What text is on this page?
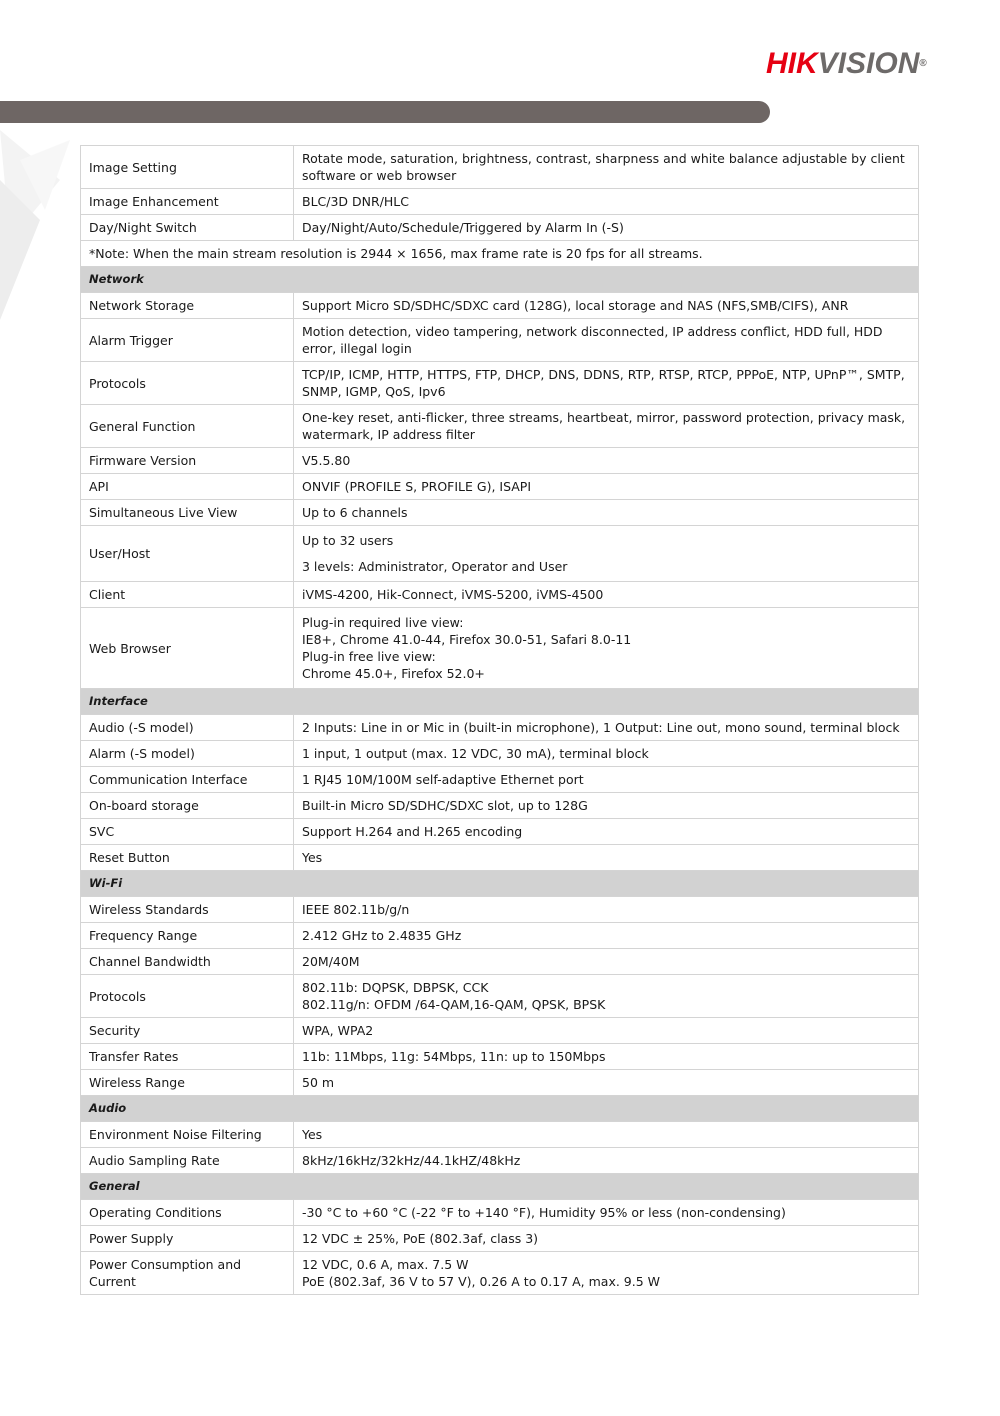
HIKVISION®
Image Setting	Rotate mode, saturation, brightness, contrast, sharpness and white balance adjustable by client software or web browser

Image Enhancement	BLC/3D DNR/HLC

Day/Night Switch	Day/Night/Auto/Schedule/Triggered by Alarm In (-S)

*Note: When the main stream resolution is 2944 × 1656, max frame rate is 20 fps for all streams.	
Network	
Network Storage	Support Micro SD/SDHC/SDXC card (128G), local storage and NAS (NFS,SMB/CIFS), ANR

Alarm Trigger	Motion detection, video tampering, network disconnected, IP address conflict, HDD full, HDD error, illegal login

Protocols	TCP/IP, ICMP, HTTP, HTTPS, FTP, DHCP, DNS, DDNS, RTP, RTSP, RTCP, PPPoE, NTP, UPnP™, SMTP, SNMP, IGMP, QoS, Ipv6

General Function	One-key reset, anti-flicker, three streams, heartbeat, mirror, password protection, privacy mask, watermark, IP address filter

Firmware Version	V5.5.80

API	ONVIF (PROFILE S, PROFILE G), ISAPI

Simultaneous Live View	Up to 6 channels

User/Host	Up to 32 users
3 levels: Administrator, Operator and User

Client	iVMS-4200, Hik-Connect, iVMS-5200, iVMS-4500

Web Browser	Plug-in required live view:
IE8+, Chrome 41.0-44, Firefox 30.0-51, Safari 8.0-11
Plug-in free live view:
Chrome 45.0+, Firefox 52.0+

Interface	
Audio (-S model)	2 Inputs: Line in or Mic in (built-in microphone), 1 Output: Line out, mono sound, terminal block

Alarm (-S model)	1 input, 1 output (max. 12 VDC, 30 mA), terminal block

Communication Interface	1 RJ45 10M/100M self-adaptive Ethernet port

On-board storage	Built-in Micro SD/SDHC/SDXC slot, up to 128G

SVC	Support H.264 and H.265 encoding

Reset Button	Yes

Wi-Fi	
Wireless Standards	IEEE 802.11b/g/n

Frequency Range	2.412 GHz to 2.4835 GHz

Channel Bandwidth	20M/40M

Protocols	802.11b: DQPSK, DBPSK, CCK
802.11g/n: OFDM /64-QAM,16-QAM, QPSK, BPSK

Security	WPA, WPA2

Transfer Rates	11b: 11Mbps, 11g: 54Mbps, 11n: up to 150Mbps

Wireless Range	50 m

Audio	
Environment Noise Filtering	Yes

Audio Sampling Rate	8kHz/16kHz/32kHz/44.1kHZ/48kHz

General	
Operating Conditions	-30 °C to +60 °C (-22 °F to +140 °F), Humidity 95% or less (non-condensing)

Power Supply	12 VDC ± 25%, PoE (802.3af, class 3)

Power Consumption and Current	12 VDC, 0.6 A, max. 7.5 W
PoE (802.3af, 36 V to 57 V), 0.26 A to 0.17 A, max. 9.5 W
